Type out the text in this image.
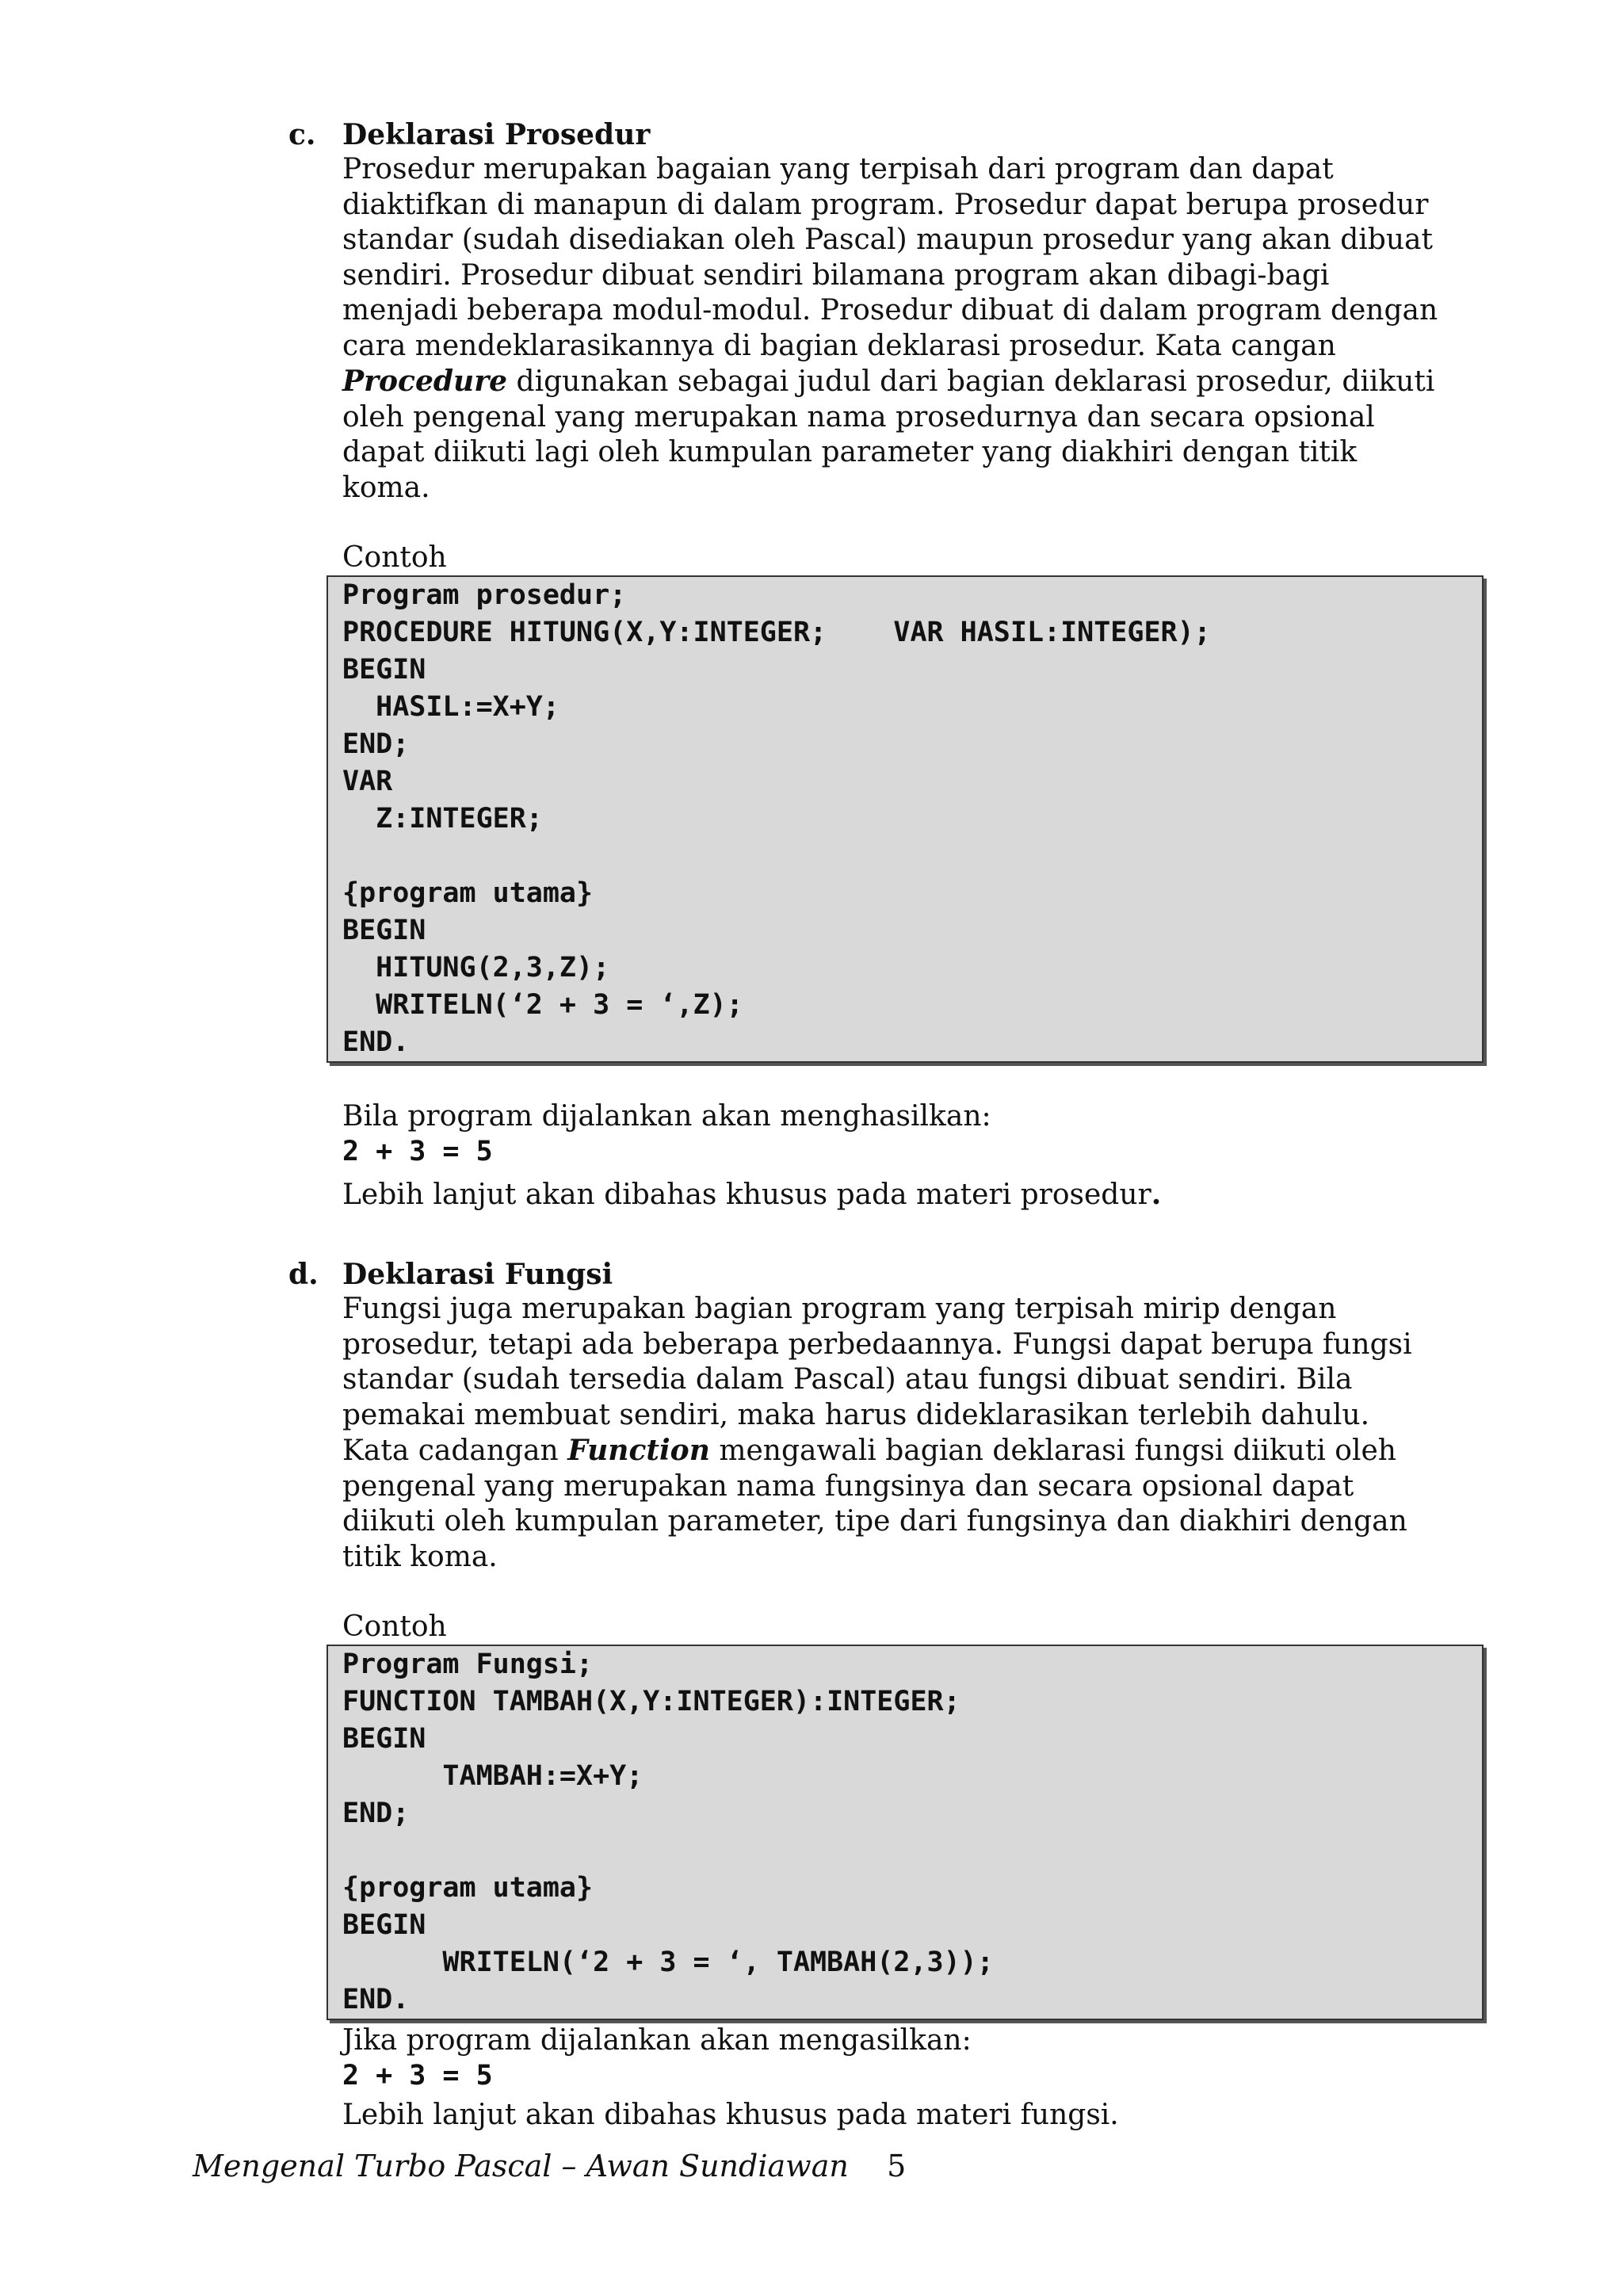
c. Deklarasi Prosedur

Prosedur merupakan bagaian yang terpisah dari program dan dapat

diaktifkan di manapun di dalam program. Prosedur dapat berupa prosedur

standar (sudah disediakan oleh Pascal) maupun prosedur yang akan dibuat

sendiri. Prosedur dibuat sendiri bilamana program akan dibagi-bagi

menjadi beberapa modul-modul. Prosedur dibuat di dalam program dengan

cara mendeklarasikannya di bagian deklarasi prosedur. Kata cangan

Procedure digunakan sebagai judul dari bagian deklarasi prosedur, diikuti

oleh pengenal yang merupakan nama prosedurnya dan secara opsional

dapat diikuti lagi oleh kumpulan parameter yang diakhiri dengan titik

koma.

Contoh
Program prosedur;
PROCEDURE HITUNG(X,Y:INTEGER;    VAR HASIL:INTEGER);
BEGIN
HASIL:=X+Y;
END;
VAR
Z:INTEGER;
{program utama}
BEGIN
HITUNG(2,3,Z);
WRITELN(‘2 + 3 = ‘,Z);
END.
Bila program dijalankan akan menghasilkan:
2 + 3 = 5
Lebih lanjut akan dibahas khusus pada materi prosedur.
d. Deklarasi Fungsi

Fungsi juga merupakan bagian program yang terpisah mirip dengan

prosedur, tetapi ada beberapa perbedaannya. Fungsi dapat berupa fungsi

standar (sudah tersedia dalam Pascal) atau fungsi dibuat sendiri. Bila

pemakai membuat sendiri, maka harus dideklarasikan terlebih dahulu.

Kata cadangan Function mengawali bagian deklarasi fungsi diikuti oleh

pengenal yang merupakan nama fungsinya dan secara opsional dapat

diikuti oleh kumpulan parameter, tipe dari fungsinya dan diakhiri dengan

titik koma.

Contoh
Program Fungsi;
FUNCTION TAMBAH(X,Y:INTEGER):INTEGER;
BEGIN
TAMBAH:=X+Y;
END;
{program utama}
BEGIN
WRITELN(‘2 + 3 = ‘, TAMBAH(2,3));
END.
Jika program dijalankan akan mengasilkan:
2 + 3 = 5
Lebih lanjut akan dibahas khusus pada materi fungsi.
Mengenal Turbo Pascal – Awan Sundiawan 5
